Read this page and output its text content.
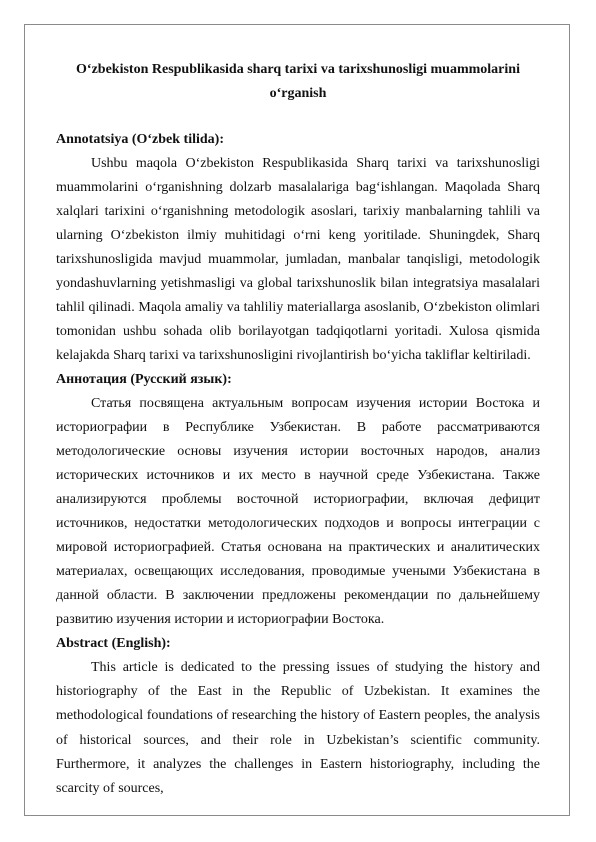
O‘zbekiston Respublikasida sharq tarixi va tarixshunosligi muammolarini
o‘rganish
Annotatsiya (O‘zbek tilida):

Ushbu maqola O‘zbekiston Respublikasida Sharq tarixi va tarixshunosligi muammolarini o‘rganishning dolzarb masalalariga bag‘ishlangan. Maqolada Sharq xalqlari tarixini o‘rganishning metodologik asoslari, tarixiy manbalarning tahlili va ularning O‘zbekiston ilmiy muhitidagi o‘rni keng yoritilade. Shuningdek, Sharq tarixshunosligida mavjud muammolar, jumladan, manbalar tanqisligi, metodologik yondashuvlarning yetishmasligi va global tarixshunoslik bilan integratsiya masalalari tahlil qilinadi. Maqola amaliy va tahliliy materiallarga asoslanib, O‘zbekiston olimlari tomonidan ushbu sohada olib borilayotgan tadqiqotlarni yoritadi. Xulosa qismida kelajakda Sharq tarixi va tarixshunosligini rivojlantirish bo‘yicha takliflar keltiriladi.

Аннотация (Русский язык):

Статья посвящена актуальным вопросам изучения истории Востока и историографии в Республике Узбекистан. В работе рассматриваются методологические основы изучения истории восточных народов, анализ исторических источников и их место в научной среде Узбекистана. Также анализируются проблемы восточной историографии, включая дефицит источников, недостатки методологических подходов и вопросы интеграции с мировой историографией. Статья основана на практических и аналитических материалах, освещающих исследования, проводимые учеными Узбекистана в данной области. В заключении предложены рекомендации по дальнейшему развитию изучения истории и историографии Востока.

Abstract (English):

This article is dedicated to the pressing issues of studying the history and historiography of the East in the Republic of Uzbekistan. It examines the methodological foundations of researching the history of Eastern peoples, the analysis of historical sources, and their role in Uzbekistan’s scientific community. Furthermore, it analyzes the challenges in Eastern historiography, including the scarcity of sources,
